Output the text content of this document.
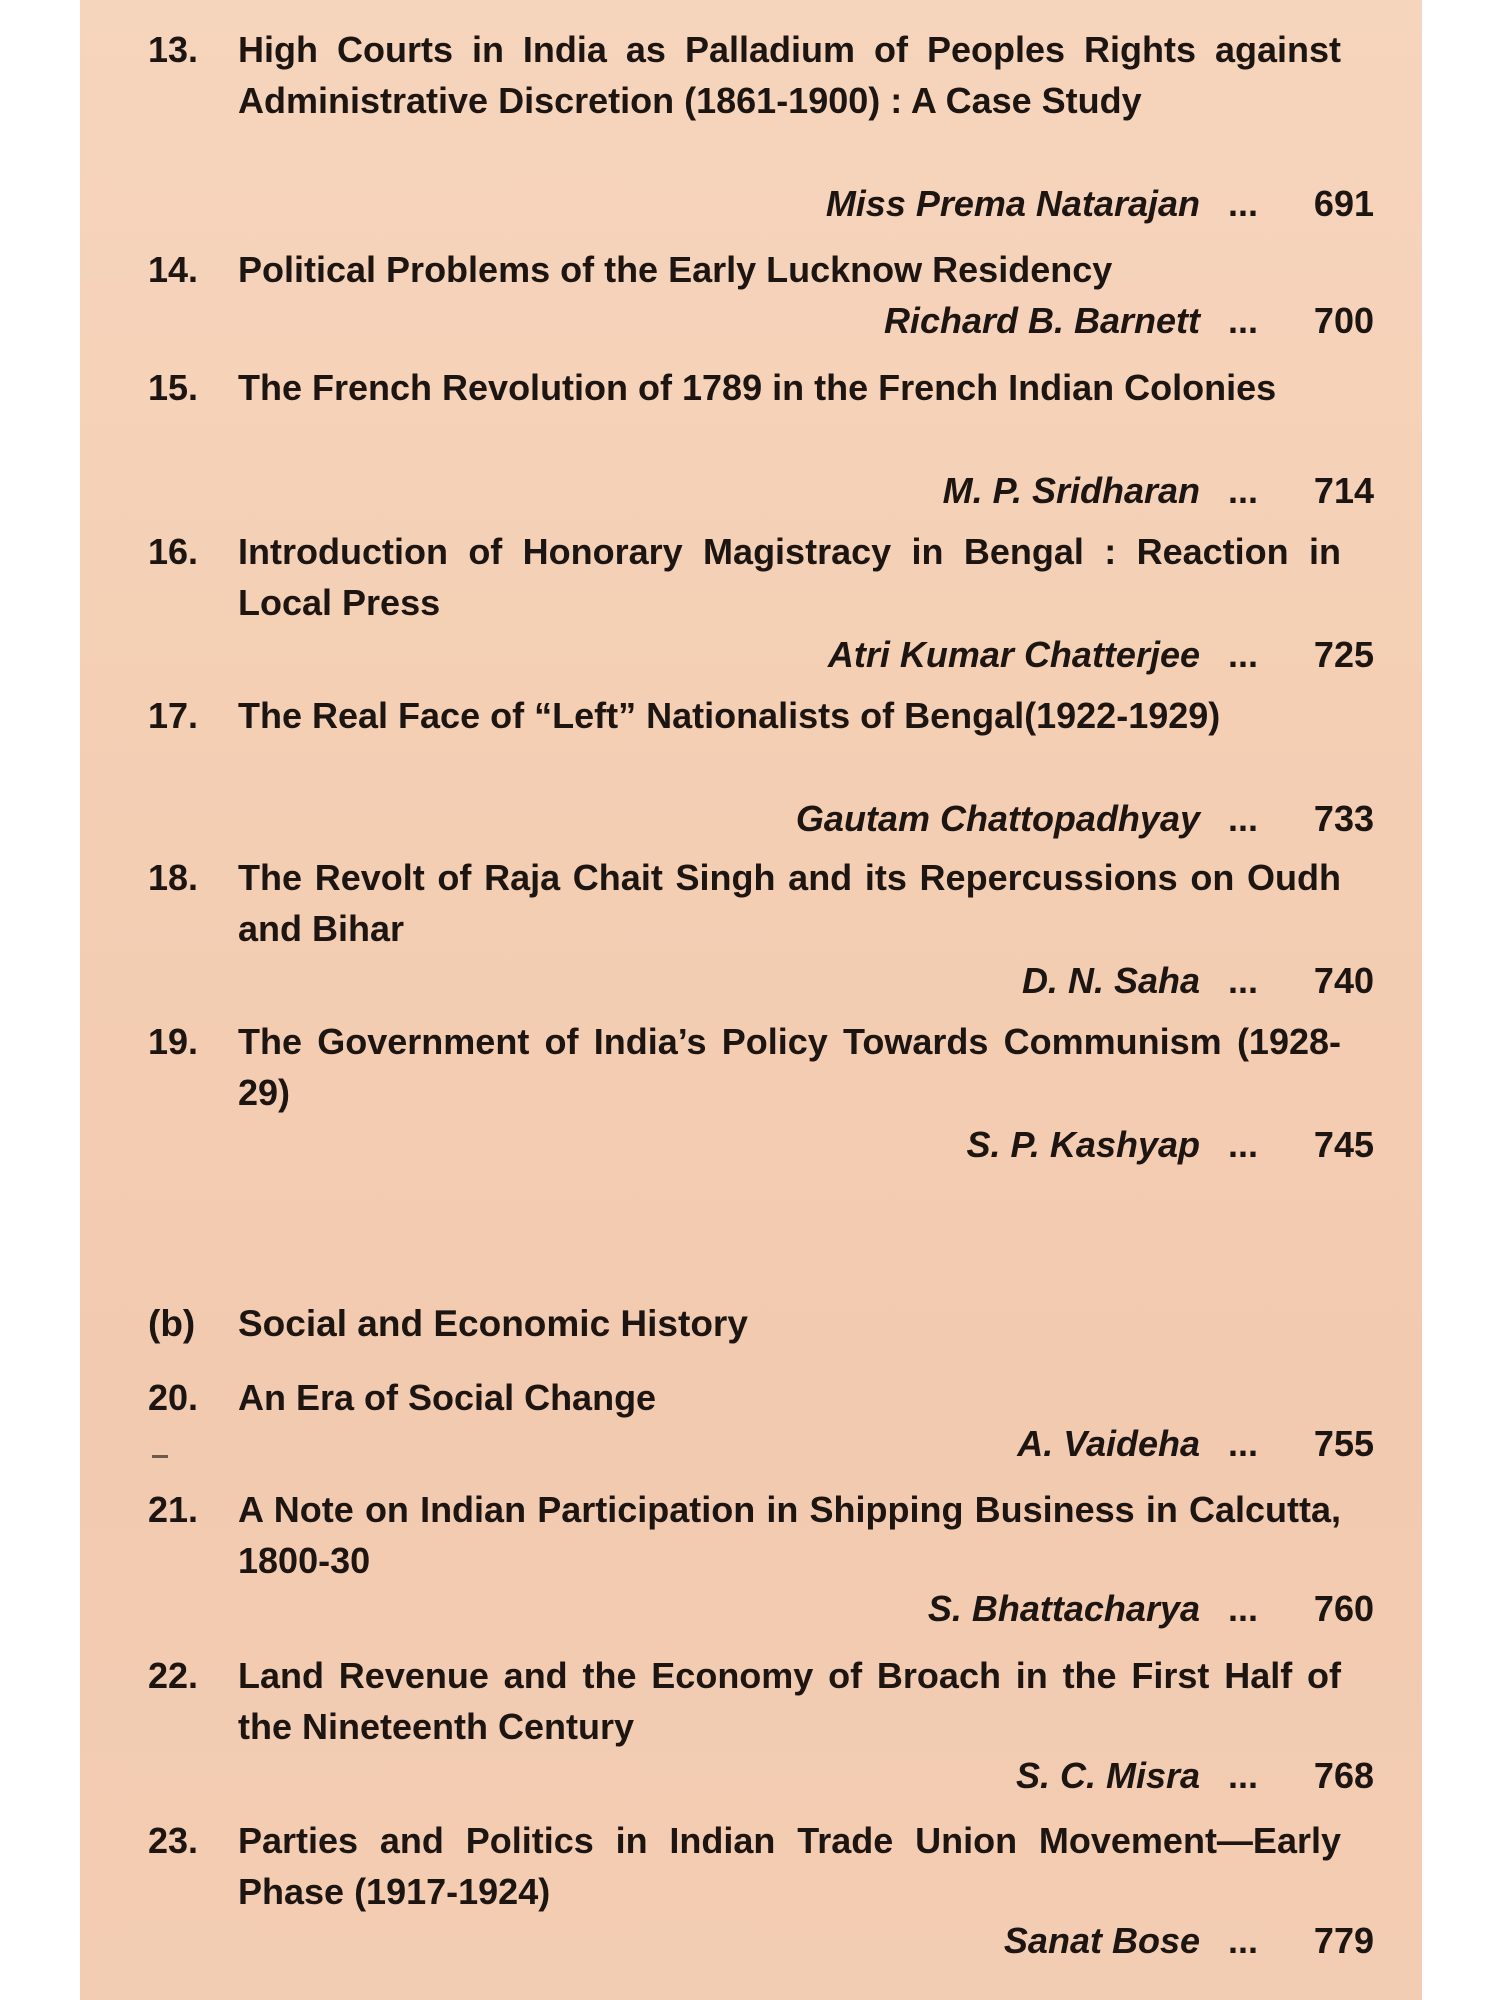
13.	High Courts in India as Palladium of Peoples Rights against Administrative Discretion (1861-1900) : A Case Study
Miss Prema Natarajan ... 691
14.	Political Problems of the Early Lucknow Residency
Richard B. Barnett ... 700
15.	The French Revolution of 1789 in the French Indian Colonies
M. P. Sridharan ... 714
16.	Introduction of Honorary Magistracy in Bengal : Reaction in Local Press
Atri Kumar Chatterjee ... 725
17.	The Real Face of “Left” Nationalists of Bengal(1922-1929)
Gautam Chattopadhyay ... 733
18.	The Revolt of Raja Chait Singh and its Repercussions on Oudh and Bihar
D. N. Saha ... 740
19.	The Government of India’s Policy Towards Communism (1928-29)
S. P. Kashyap ... 745
(b) Social and Economic History
20.	An Era of Social Change
A. Vaideha ... 755
21.	A Note on Indian Participation in Shipping Business in Calcutta, 1800-30
S. Bhattacharya ... 760
22.	Land Revenue and the Economy of Broach in the First Half of the Nineteenth Century
S. C. Misra ... 768
23.	Parties and Politics in Indian Trade Union Movement—Early Phase (1917-1924)
Sanat Bose ... 779
